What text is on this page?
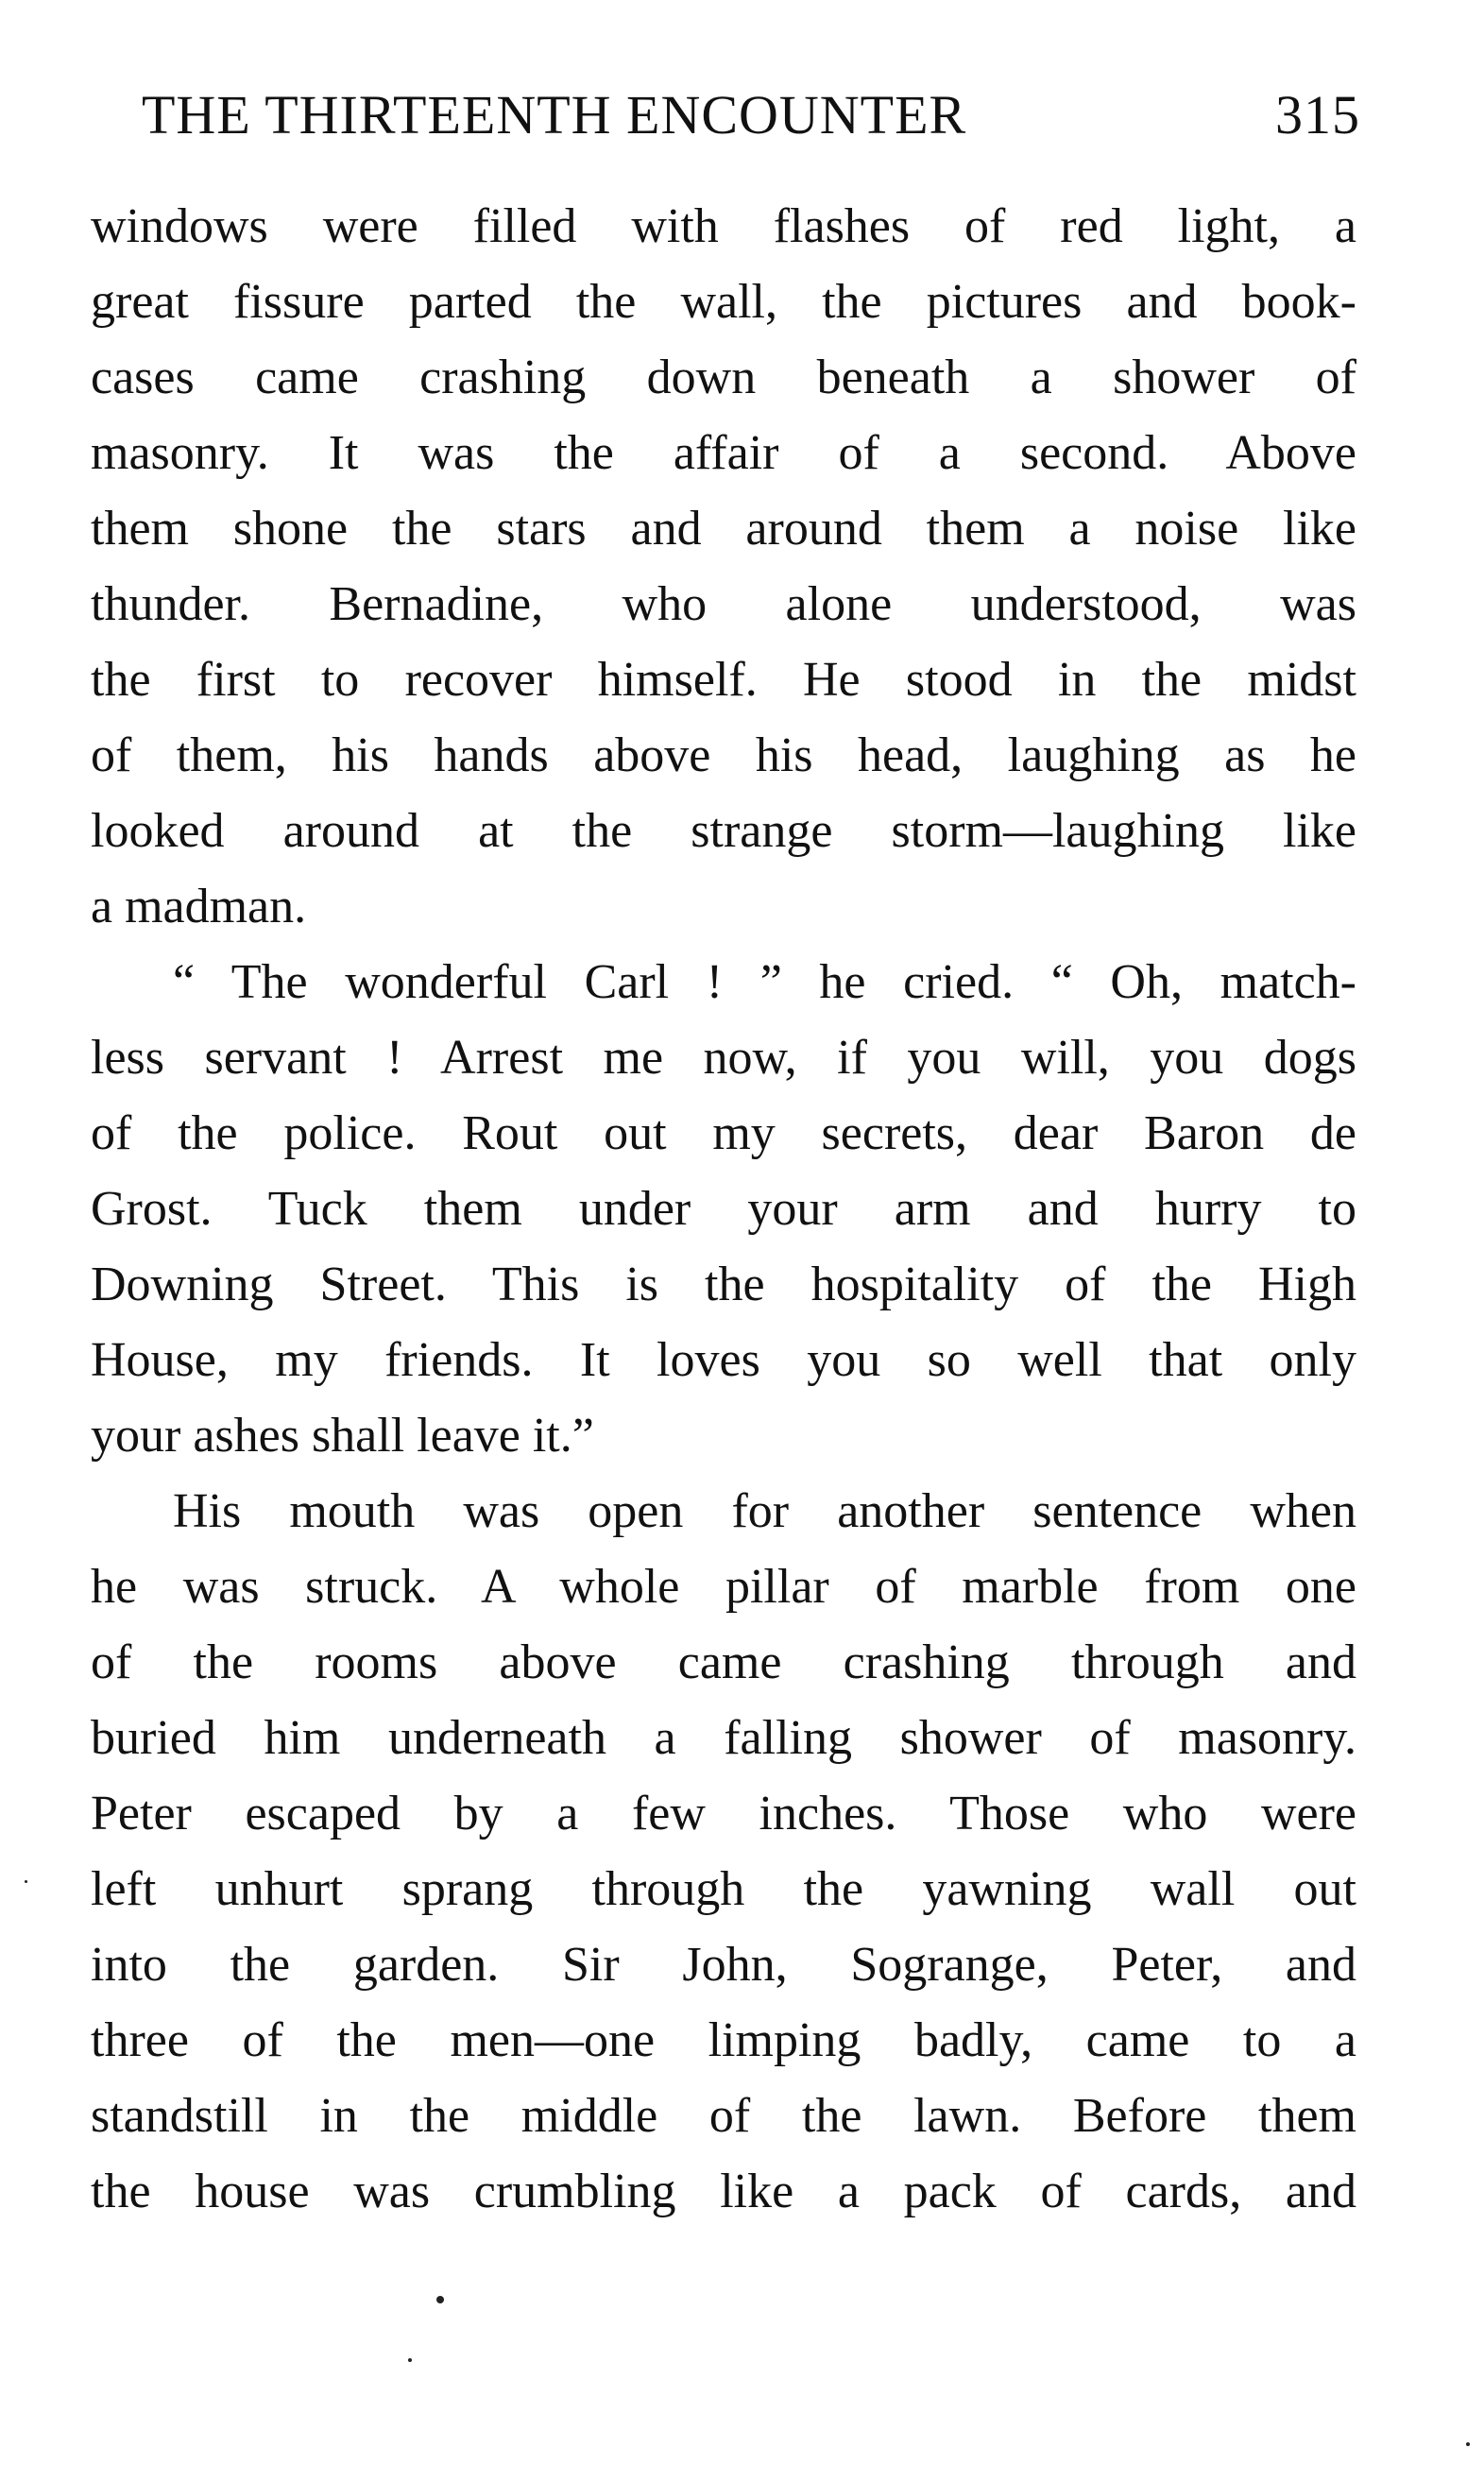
THE THIRTEENTH ENCOUNTER	315
windows were filled with flashes of red light, a
great fissure parted the wall, the pictures and book-
cases came crashing down beneath a shower of
masonry. It was the affair of a second. Above
them shone the stars and around them a noise like
thunder. Bernadine, who alone understood, was
the first to recover himself. He stood in the midst
of them, his hands above his head, laughing as he
looked around at the strange storm—laughing like
a madman.
“ The wonderful Carl ! ” he cried. “ Oh, match-
less servant ! Arrest me now, if you will, you dogs
of the police. Rout out my secrets, dear Baron de
Grost. Tuck them under your arm and hurry to
Downing Street. This is the hospitality of the High
House, my friends. It loves you so well that only
your ashes shall leave it.”
His mouth was open for another sentence when
he was struck. A whole pillar of marble from one
of the rooms above came crashing through and
buried him underneath a falling shower of masonry.
Peter escaped by a few inches. Those who were
left unhurt sprang through the yawning wall out
into the garden. Sir John, Sogrange, Peter, and
three of the men—one limping badly, came to a
standstill in the middle of the lawn. Before them
the house was crumbling like a pack of cards, and
